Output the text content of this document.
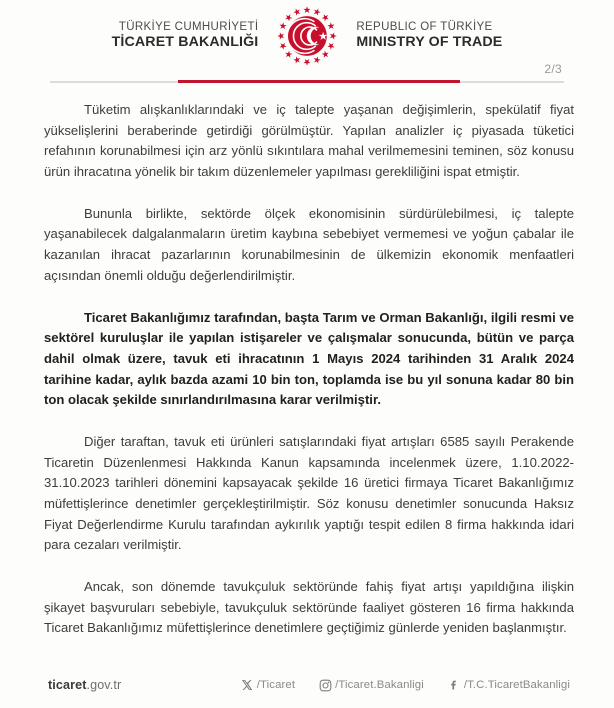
TÜRKİYE CUMHURİYETİ
TİCARET BAKANLIĞI
REPUBLIC OF TÜRKİYE
MINISTRY OF TRADE
2/3

Tüketim alışkanlıklarındaki ve iç talepte yaşanan değişimlerin, spekülatif fiyat yükselişlerini beraberinde getirdiği görülmüştür. Yapılan analizler iç piyasada tüketici refahının korunabilmesi için arz yönlü sıkıntılara mahal verilmemesini teminen, söz konusu ürün ihracatına yönelik bir takım düzenlemeler yapılması gerekliliğini ispat etmiştir.

Bununla birlikte, sektörde ölçek ekonomisinin sürdürülebilmesi, iç talepte yaşanabilecek dalgalanmaların üretim kaybına sebebiyet vermemesi ve yoğun çabalar ile kazanılan ihracat pazarlarının korunabilmesinin de ülkemizin ekonomik menfaatleri açısından önemli olduğu değerlendirilmiştir.

Ticaret Bakanlığımız tarafından, başta Tarım ve Orman Bakanlığı, ilgili resmi ve sektörel kuruluşlar ile yapılan istişareler ve çalışmalar sonucunda, bütün ve parça dahil olmak üzere, tavuk eti ihracatının 1 Mayıs 2024 tarihinden 31 Aralık 2024 tarihine kadar, aylık bazda azami 10 bin ton, toplamda ise bu yıl sonuna kadar 80 bin ton olacak şekilde sınırlandırılmasına karar verilmiştir.

Diğer taraftan, tavuk eti ürünleri satışlarındaki fiyat artışları 6585 sayılı Perakende Ticaretin Düzenlenmesi Hakkında Kanun kapsamında incelenmek üzere, 1.10.2022-31.10.2023 tarihleri dönemini kapsayacak şekilde 16 üretici firmaya Ticaret Bakanlığımız müfettişlerince denetimler gerçekleştirilmiştir. Söz konusu denetimler sonucunda Haksız Fiyat Değerlendirme Kurulu tarafından aykırılık yaptığı tespit edilen 8 firma hakkında idari para cezaları verilmiştir.

Ancak, son dönemde tavukçuluk sektöründe fahiş fiyat artışı yapıldığına ilişkin şikayet başvuruları sebebiyle, tavukçuluk sektöründe faaliyet gösteren 16 firma hakkında Ticaret Bakanlığımız müfettişlerince denetimlere geçtiğimiz günlerde yeniden başlanmıştır.

ticaret.gov.tr	/Ticaret	/Ticaret.Bakanligi	/T.C.TicaretBakanligi
